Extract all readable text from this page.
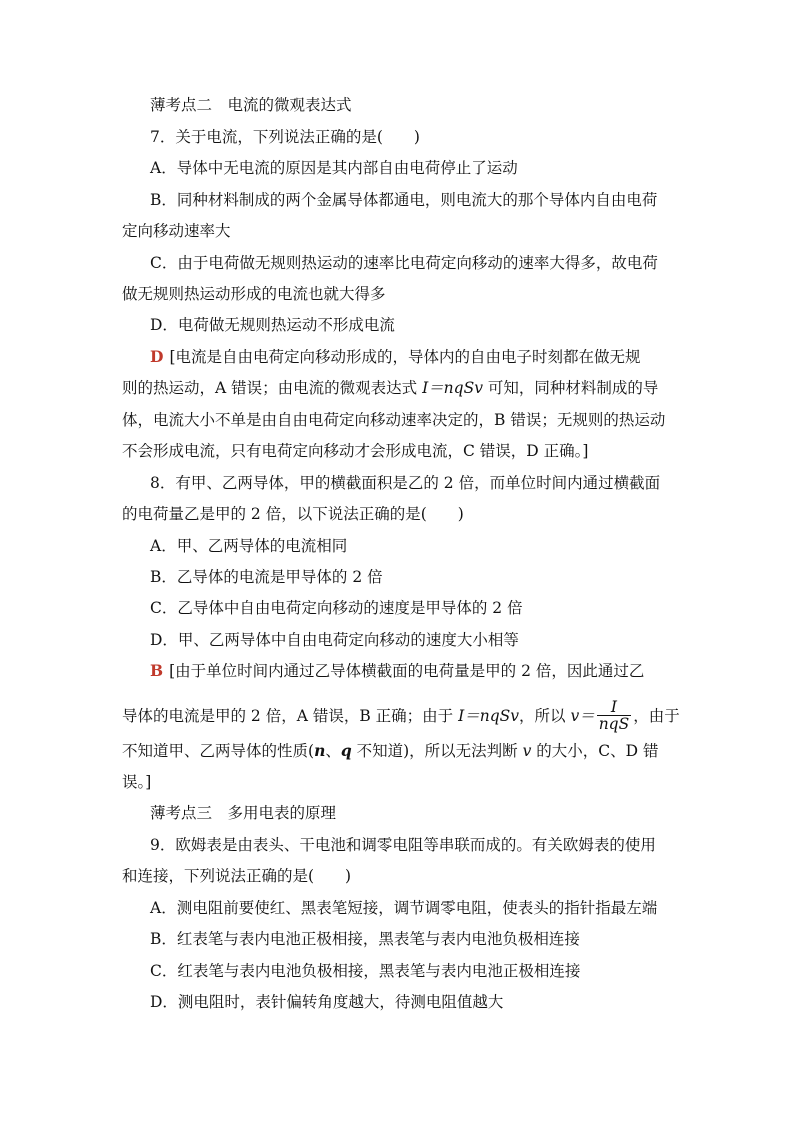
薄考点二　电流的微观表达式
7．关于电流，下列说法正确的是(　　)
A．导体中无电流的原因是其内部自由电荷停止了运动
B．同种材料制成的两个金属导体都通电，则电流大的那个导体内自由电荷
定向移动速率大
C．由于电荷做无规则热运动的速率比电荷定向移动的速率大得多，故电荷
做无规则热运动形成的电流也就大得多
D．电荷做无规则热运动不形成电流
D [电流是自由电荷定向移动形成的，导体内的自由电子时刻都在做无规
则的热运动，A 错误；由电流的微观表达式 I＝nqSv 可知，同种材料制成的导
体，电流大小不单是由自由电荷定向移动速率决定的，B 错误；无规则的热运动
不会形成电流，只有电荷定向移动才会形成电流，C 错误，D 正确。]
8．有甲、乙两导体，甲的横截面积是乙的 2 倍，而单位时间内通过横截面
的电荷量乙是甲的 2 倍，以下说法正确的是(　　)
A．甲、乙两导体的电流相同
B．乙导体的电流是甲导体的 2 倍
C．乙导体中自由电荷定向移动的速度是甲导体的 2 倍
D．甲、乙两导体中自由电荷定向移动的速度大小相等
B [由于单位时间内通过乙导体横截面的电荷量是甲的 2 倍，因此通过乙
导体的电流是甲的 2 倍，A 错误，B 正确；由于 I＝nqSv，所以 $v= \frac{I}{\text{nqS}}$ ，由于
不知道甲、乙两导体的性质(n、q 不知道)，所以无法判断 v 的大小，C、D 错
误。]
薄考点三　多用电表的原理
9．欧姆表是由表头、干电池和调零电阻等串联而成的。有关欧姆表的使用
和连接，下列说法正确的是(　　)
A．测电阻前要使红、黑表笔短接，调节调零电阻，使表头的指针指最左端
B．红表笔与表内电池正极相接，黑表笔与表内电池负极相连接
C．红表笔与表内电池负极相接，黑表笔与表内电池正极相连接
D．测电阻时，表针偏转角度越大，待测电阻值越大
